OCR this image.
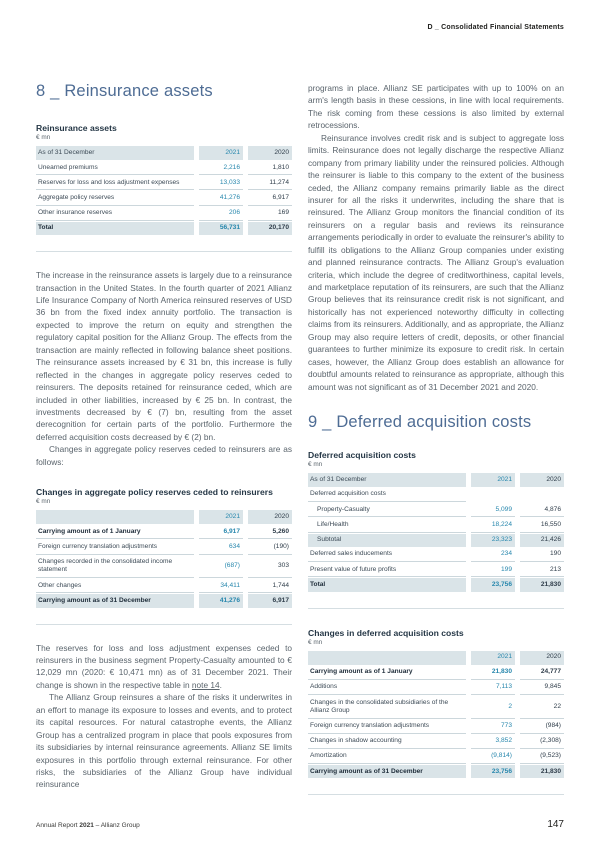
D _ Consolidated Financial Statements
8 _ Reinsurance assets

Reinsurance assets

€ mn

As of 31 December	2021	2020
Unearned premiums	2,216	1,810
Reserves for loss and loss adjustment expenses	13,033	11,274
Aggregate policy reserves	41,276	6,917
Other insurance reserves	206	169
Total	56,731	20,170

The increase in the reinsurance assets is largely due to a reinsurance transaction in the United States. In the fourth quarter of 2021 Allianz Life Insurance Company of North America reinsured reserves of USD 36 bn from the fixed index annuity portfolio. The transaction is expected to improve the return on equity and strengthen the regulatory capital position for the Allianz Group. The effects from the transaction are mainly reflected in following balance sheet positions. The reinsurance assets increased by € 31 bn, this increase is fully reflected in the changes in aggregate policy reserves ceded to reinsurers. The deposits retained for reinsurance ceded, which are included in other liabilities, increased by € 25 bn. In contrast, the investments decreased by € (7) bn, resulting from the asset derecognition for certain parts of the portfolio. Furthermore the deferred acquisition costs decreased by € (2) bn.

Changes in aggregate policy reserves ceded to reinsurers are as follows:

Changes in aggregate policy reserves ceded to reinsurers

€ mn

2021	2020
Carrying amount as of 1 January	6,917	5,260
Foreign currency translation adjustments	634	(190)
Changes recorded in the consolidated income statement
(687)	303
Other changes	34,411	1,744
Carrying amount as of 31 December	41,276	6,917

The reserves for loss and loss adjustment expenses ceded to reinsurers in the business segment Property-Casualty amounted to € 12,029 mn (2020: € 10,471 mn) as of 31 December 2021. Their change is shown in the respective table in note 14.

The Allianz Group reinsures a share of the risks it underwrites in an effort to manage its exposure to losses and events, and to protect its capital resources. For natural catastrophe events, the Allianz Group has a centralized program in place that pools exposures from its subsidiaries by internal reinsurance agreements. Allianz SE limits exposures in this portfolio through external reinsurance. For other risks, the subsidiaries of the Allianz Group have individual reinsurance

programs in place. Allianz SE participates with up to 100% on an arm's length basis in these cessions, in line with local requirements. The risk coming from these cessions is also limited by external retrocessions.

Reinsurance involves credit risk and is subject to aggregate loss limits. Reinsurance does not legally discharge the respective Allianz company from primary liability under the reinsured policies. Although the reinsurer is liable to this company to the extent of the business ceded, the Allianz company remains primarily liable as the direct insurer for all the risks it underwrites, including the share that is reinsured. The Allianz Group monitors the financial condition of its reinsurers on a regular basis and reviews its reinsurance arrangements periodically in order to evaluate the reinsurer's ability to fulfill its obligations to the Allianz Group companies under existing and planned reinsurance contracts. The Allianz Group's evaluation criteria, which include the degree of creditworthiness, capital levels, and marketplace reputation of its reinsurers, are such that the Allianz Group believes that its reinsurance credit risk is not significant, and historically has not experienced noteworthy difficulty in collecting claims from its reinsurers. Additionally, and as appropriate, the Allianz Group may also require letters of credit, deposits, or other financial guarantees to further minimize its exposure to credit risk. In certain cases, however, the Allianz Group does establish an allowance for doubtful amounts related to reinsurance as appropriate, although this amount was not significant as of 31 December 2021 and 2020.

9 _ Deferred acquisition costs

Deferred acquisition costs

€ mn

As of 31 December	2021	2020
Deferred acquisition costs
Property-Casualty	5,099	4,876
Life/Health	18,224	16,550
Subtotal	23,323	21,426
Deferred sales inducements	234	190
Present value of future profits	199	213
Total	23,756	21,830

Changes in deferred acquisition costs

€ mn

2021	2020
Carrying amount as of 1 January	21,830	24,777
Additions	7,113	9,845
Changes in the consolidated subsidiaries of the Allianz Group
2	22
Foreign currency translation adjustments	773	(984)
Changes in shadow accounting	3,852	(2,308)
Amortization	(9,814)	(9,523)
Carrying amount as of 31 December	23,756	21,830
Annual Report 2021 – Allianz Group	147
